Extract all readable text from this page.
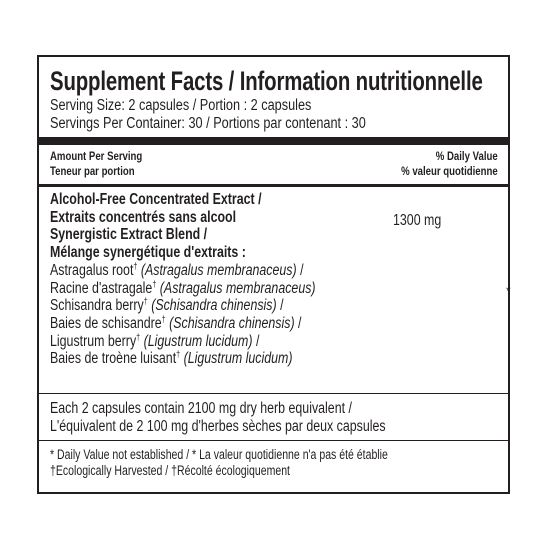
Supplement Facts / Information nutritionnelle
Serving Size: 2 capsules / Portion : 2 capsules
Servings Per Container: 30 / Portions par contenant : 30
Amount Per Serving
Teneur par portion
% Daily Value
% valeur quotidienne
Alcohol-Free Concentrated Extract /
Extraits concentrés sans alcool	1300 mg
Synergistic Extract Blend /
Mélange synergétique d'extraits :
Astragalus root† (Astragalus membranaceus) /
Racine d'astragale† (Astragalus membranaceus)
Schisandra berry† (Schisandra chinensis) /
Baies de schisandre† (Schisandra chinensis) /
Ligustrum berry† (Ligustrum lucidum) /
Baies de troène luisant† (Ligustrum lucidum)
*
Each 2 capsules contain 2100 mg dry herb equivalent /
L'équivalent de 2 100 mg d'herbes sèches par deux capsules
* Daily Value not established / * La valeur quotidienne n'a pas été établie
†Ecologically Harvested / †Récolté écologiquement
